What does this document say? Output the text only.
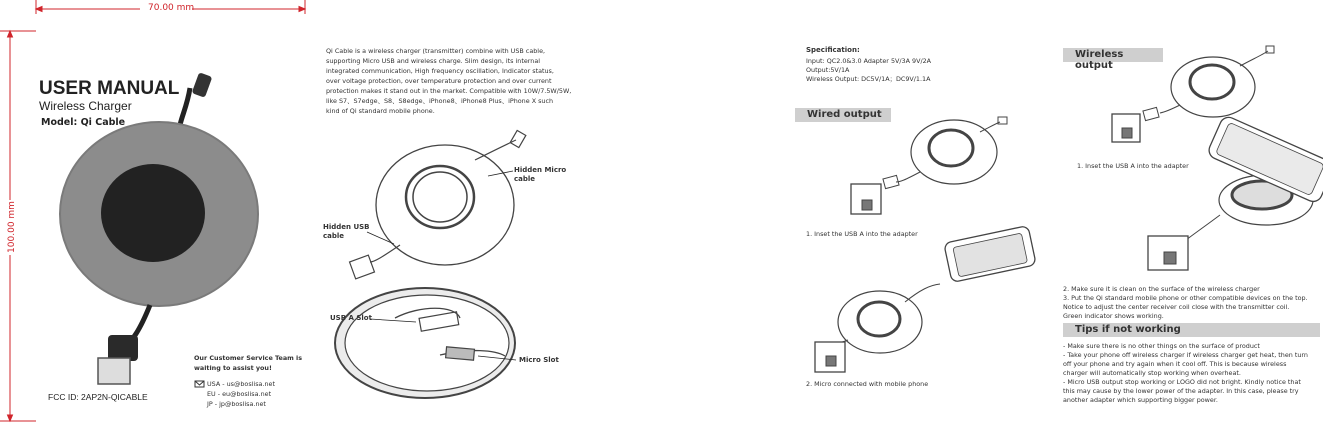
70.00 mm
100.00 mm
USER MANUAL
Wireless Charger
Model: Qi Cable
FCC ID: 2AP2N-QICABLE
Our Customer Service Team is
waiting to assist you!
USA - us@boslisa.net
EU - eu@boslisa.net
JP - jp@boslisa.net
Qi Cable is a wireless charger (transmitter) combine with USB cable,
supporting Micro USB and wireless charge. Slim design, its internal
integrated communication, High frequency oscillation, Indicator status,
over voltage protection, over temperature protection and over current
protection makes it stand out in the market. Compatible with 10W/7.5W/5W,
like S7、S7edge、S8、S8edge、iPhone8、iPhone8 Plus、iPhone X such
kind of Qi standard mobile phone.
Hidden Micro
cable
Hidden USB
cable
USB A Slot
Micro Slot
Specification:
Input: QC2.0&3.0 Adapter 5V/3A 9V/2A
Output:5V/1A
Wireless Output: DC5V/1A；DC9V/1.1A
Wired output
1. Inset the USB A into the adapter
2. Micro connected with mobile phone
Wireless output
1. Inset the USB A into the adapter
2. Make sure it is clean on the surface of the wireless charger
3. Put the Qi standard mobile phone or other compatible devices on the top.
Notice to adjust the center receiver coil close with the transmitter coil.
Green indicator shows working.
Tips if not working
- Make sure there is no other things on the surface of product
- Take your phone off wireless charger if wireless charger get heat, then turn
off your phone and try again when it cool off. This is because wireless
charger will automatically stop working when overheat.
- Micro USB output stop working or LOGO did not bright. Kindly notice that
this may cause by the lower power of the adapter. In this case, please try
another adapter which supporting bigger power.
